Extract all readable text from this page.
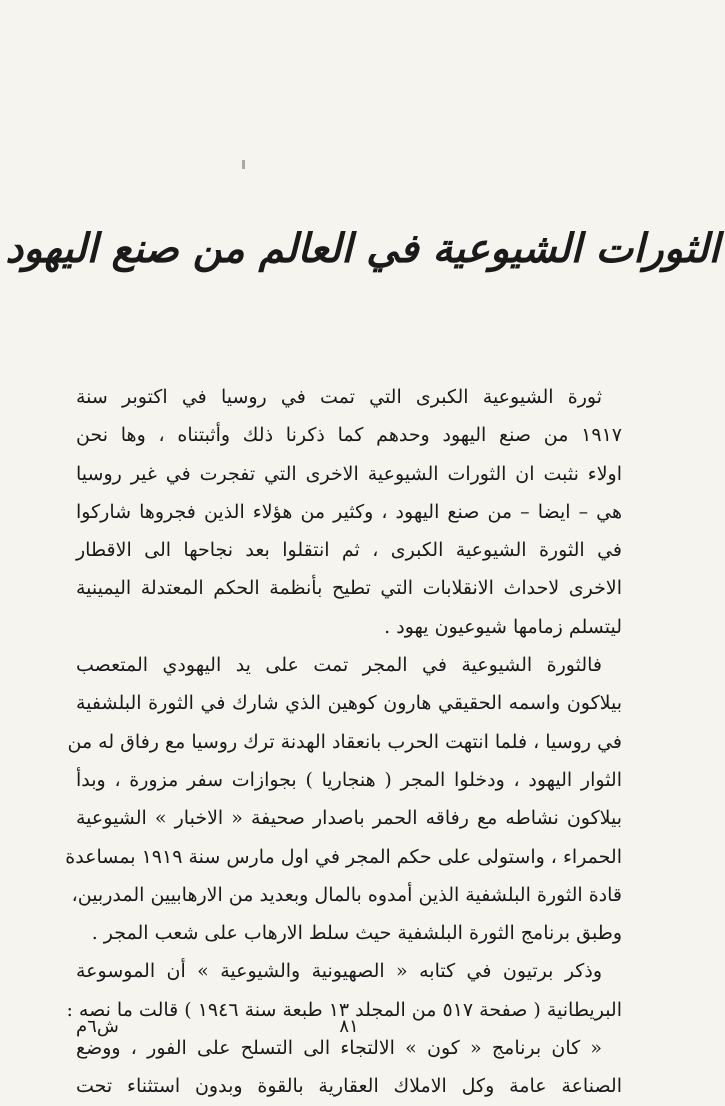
الثورات الشيوعية في العالم من صنع اليهود
ثورة الشيوعية الكبرى التي تمت في روسيا في اكتوبر سنة
١٩١٧ من صنع اليهود وحدهم كما ذكرنا ذلك وأثبتناه ، وها نحن
اولاء نثبت ان الثورات الشيوعية الاخرى التي تفجرت في غير روسيا
هي – ايضا – من صنع اليهود ، وكثير من هؤلاء الذين فجروها شاركوا
في الثورة الشيوعية الكبرى ، ثم انتقلوا بعد نجاحها الى الاقطار
الاخرى لاحداث الانقلابات التي تطيح بأنظمة الحكم المعتدلة اليمينية
ليتسلم زمامها شيوعيون يهود .
فالثورة الشيوعية في المجر تمت على يد اليهودي المتعصب
بيلاكون واسمه الحقيقي هارون كوهين الذي شارك في الثورة البلشفية
في روسيا ، فلما انتهت الحرب بانعقاد الهدنة ترك روسيا مع رفاق له من
الثوار اليهود ، ودخلوا المجر ( هنجاريا ) بجوازات سفر مزورة ، وبدأ
بيلاكون نشاطه مع رفاقه الحمر باصدار صحيفة « الاخبار » الشيوعية
الحمراء ، واستولى على حكم المجر في اول مارس سنة ١٩١٩ بمساعدة
قادة الثورة البلشفية الذين أمدوه بالمال وبعديد من الارهابيين المدربين،
وطبق برنامج الثورة البلشفية حيث سلط الارهاب على شعب المجر .
وذكر برتيون في كتابه « الصهيونية والشيوعية » أن الموسوعة
البريطانية ( صفحة ٥١٧ من المجلد ١٣ طبعة سنة ١٩٤٦ ) قالت ما نصه :
« كان برنامج « كون » الالتجاء الى التسلح على الفور ، ووضع
الصناعة عامة وكل الاملاك العقارية بالقوة وبدون استثناء تحت
٨١
ش٦م
